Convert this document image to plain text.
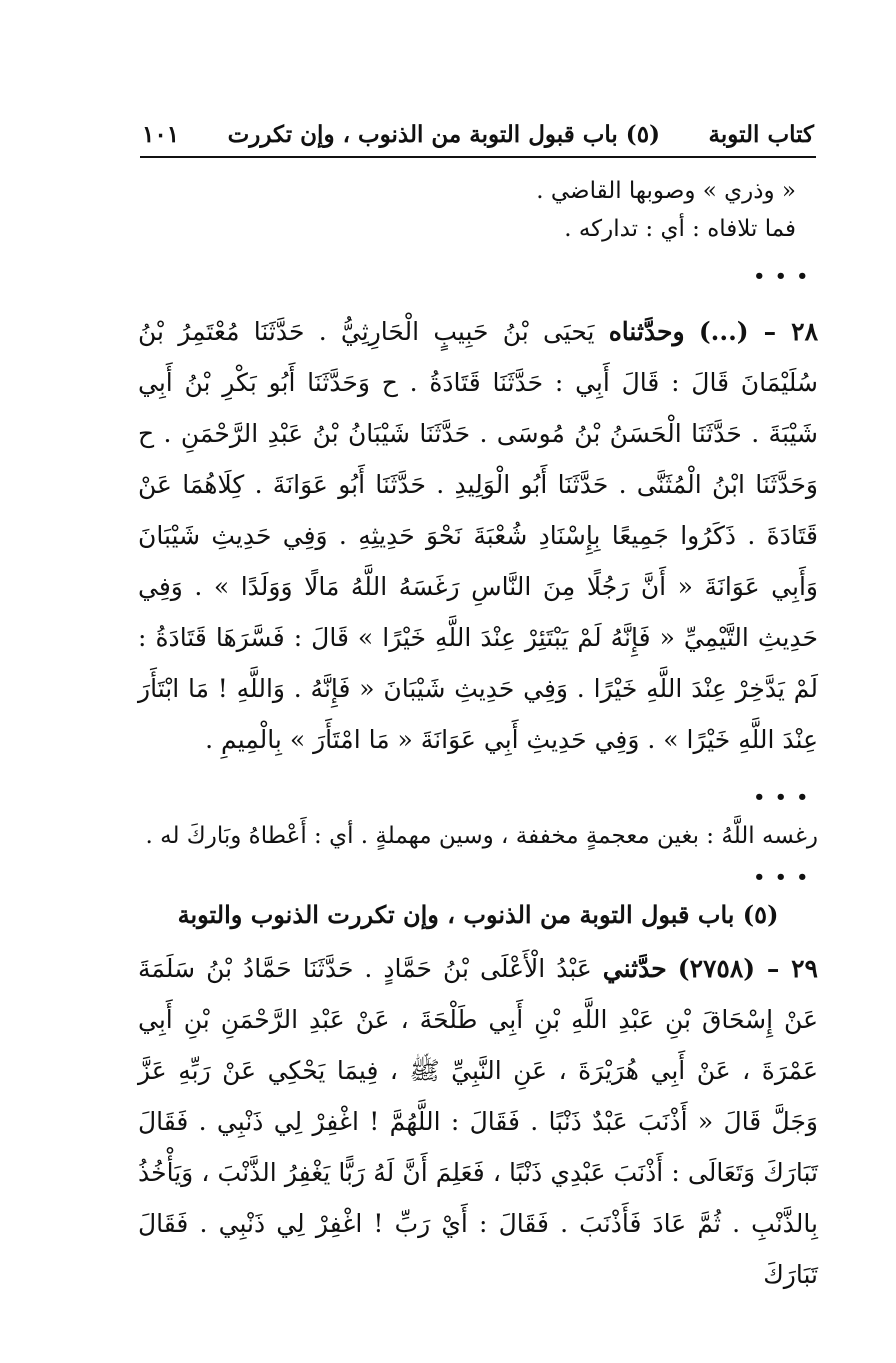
كتاب التوبة
(٥) باب قبول التوبة من الذنوب ، وإن تكررت
١٠١

« وذري » وصوبها القاضي .

فما تلافاه : أي : تداركه .

•••

٢٨ – (...) وحدَّثناه يَحيَى بْنُ حَبِيبٍ الْحَارِثِيُّ . حَدَّثَنَا مُعْتَمِرُ بْنُ سُلَيْمَانَ قَالَ : قَالَ أَبِي : حَدَّثَنَا قَتَادَةُ . ح وَحَدَّثَنَا أَبُو بَكْرِ بْنُ أَبِي شَيْبَةَ . حَدَّثَنَا الْحَسَنُ بْنُ مُوسَى . حَدَّثَنَا شَيْبَانُ بْنُ عَبْدِ الرَّحْمَنِ . ح وَحَدَّثَنَا ابْنُ الْمُثَنَّى . حَدَّثَنَا أَبُو الْوَلِيدِ . حَدَّثَنَا أَبُو عَوَانَةَ . كِلَاهُمَا عَنْ قَتَادَةَ . ذَكَرُوا جَمِيعًا بِإِسْنَادِ شُعْبَةَ نَحْوَ حَدِيثِهِ . وَفِي حَدِيثِ شَيْبَانَ وَأَبِي عَوَانَةَ « أَنَّ رَجُلًا مِنَ النَّاسِ رَغَسَهُ اللَّهُ مَالًا وَوَلَدًا » . وَفِي حَدِيثِ التَّيْمِيِّ « فَإِنَّهُ لَمْ يَبْتَئِرْ عِنْدَ اللَّهِ خَيْرًا » قَالَ : فَسَّرَهَا قَتَادَةُ : لَمْ يَدَّخِرْ عِنْدَ اللَّهِ خَيْرًا . وَفِي حَدِيثِ شَيْبَانَ « فَإِنَّهُ . وَاللَّهِ ! مَا ابْتَأَرَ عِنْدَ اللَّهِ خَيْرًا » . وَفِي حَدِيثِ أَبِي عَوَانَةَ « مَا امْتَأَرَ » بِالْمِيمِ .

•••

رغسه اللَّهُ : بغين معجمةٍ مخففة ، وسين مهملةٍ . أي : أَعْطاهُ وبَاركَ له .

•••

(٥) باب قبول التوبة من الذنوب ، وإن تكررت الذنوب والتوبة

٢٩ – (٢٧٥٨) حدَّثني عَبْدُ الْأَعْلَى بْنُ حَمَّادٍ . حَدَّثَنَا حَمَّادُ بْنُ سَلَمَةَ عَنْ إِسْحَاقَ بْنِ عَبْدِ اللَّهِ بْنِ أَبِي طَلْحَةَ ، عَنْ عَبْدِ الرَّحْمَنِ بْنِ أَبِي عَمْرَةَ ، عَنْ أَبِي هُرَيْرَةَ ، عَنِ النَّبِيِّ ﷺ ، فِيمَا يَحْكِي عَنْ رَبِّهِ عَزَّ وَجَلَّ قَالَ « أَذْنَبَ عَبْدٌ ذَنْبًا . فَقَالَ : اللَّهُمَّ ! اغْفِرْ لِي ذَنْبِي . فَقَالَ تَبَارَكَ وَتَعَالَى : أَذْنَبَ عَبْدِي ذَنْبًا ، فَعَلِمَ أَنَّ لَهُ رَبًّا يَغْفِرُ الذَّنْبَ ، وَيَأْخُذُ بِالذَّنْبِ . ثُمَّ عَادَ فَأَذْنَبَ . فَقَالَ : أَيْ رَبِّ ! اغْفِرْ لِي ذَنْبِي . فَقَالَ تَبَارَكَ
